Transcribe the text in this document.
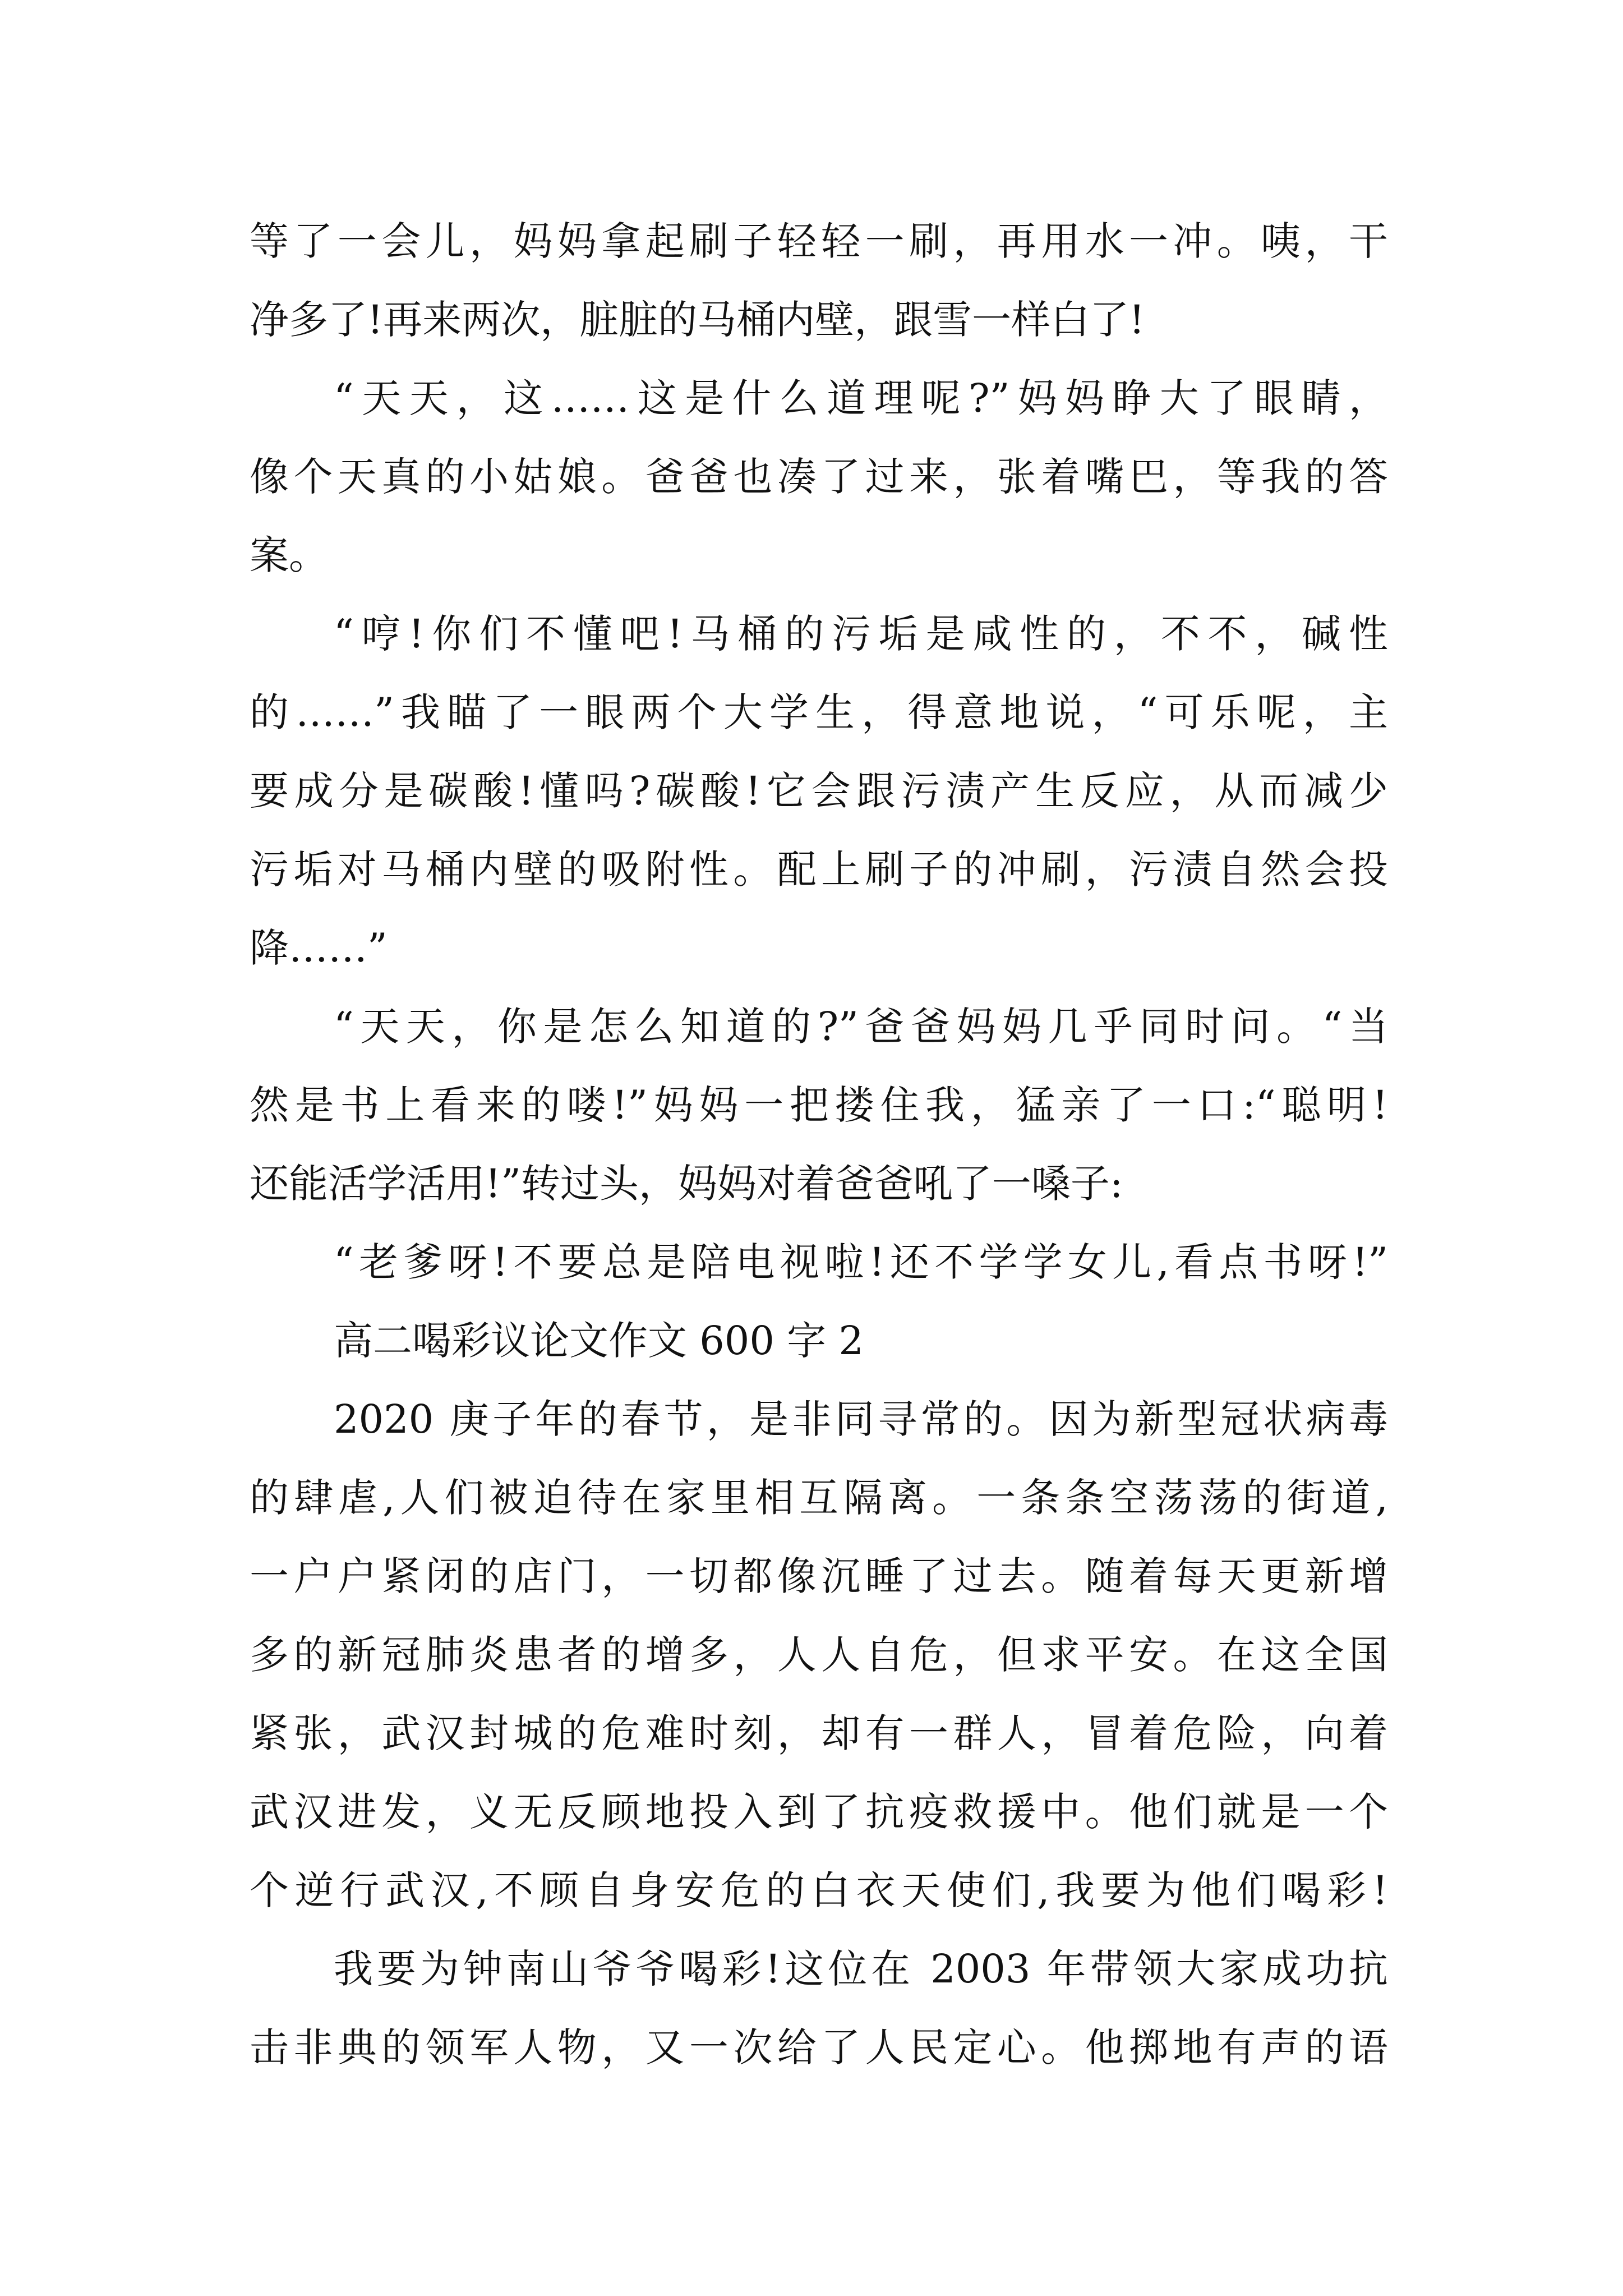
等了一会儿，妈妈拿起刷子轻轻一刷，再用水一冲。咦，干
净多了!再来两次，脏脏的马桶内壁，跟雪一样白了!
“天天，这……这是什么道理呢?”妈妈睁大了眼睛，
像个天真的小姑娘。爸爸也凑了过来，张着嘴巴，等我的答
案。
“哼!你们不懂吧!马桶的污垢是咸性的，不不，碱性
的……”我瞄了一眼两个大学生，得意地说，“可乐呢，主
要成分是碳酸!懂吗?碳酸!它会跟污渍产生反应，从而减少
污垢对马桶内壁的吸附性。配上刷子的冲刷，污渍自然会投
降……”
“天天，你是怎么知道的?”爸爸妈妈几乎同时问。“当
然是书上看来的喽!”妈妈一把搂住我，猛亲了一口:“聪明!
还能活学活用!”转过头，妈妈对着爸爸吼了一嗓子:
“老爹呀!不要总是陪电视啦!还不学学女儿,看点书呀!”
高二喝彩议论文作文 600 字 2
2020 庚子年的春节，是非同寻常的。因为新型冠状病毒
的肆虐,人们被迫待在家里相互隔离。一条条空荡荡的街道,
一户户紧闭的店门，一切都像沉睡了过去。随着每天更新增
多的新冠肺炎患者的增多，人人自危，但求平安。在这全国
紧张，武汉封城的危难时刻，却有一群人，冒着危险，向着
武汉进发，义无反顾地投入到了抗疫救援中。他们就是一个
个逆行武汉,不顾自身安危的白衣天使们,我要为他们喝彩!
我要为钟南山爷爷喝彩!这位在 2003 年带领大家成功抗
击非典的领军人物，又一次给了人民定心。他掷地有声的语
